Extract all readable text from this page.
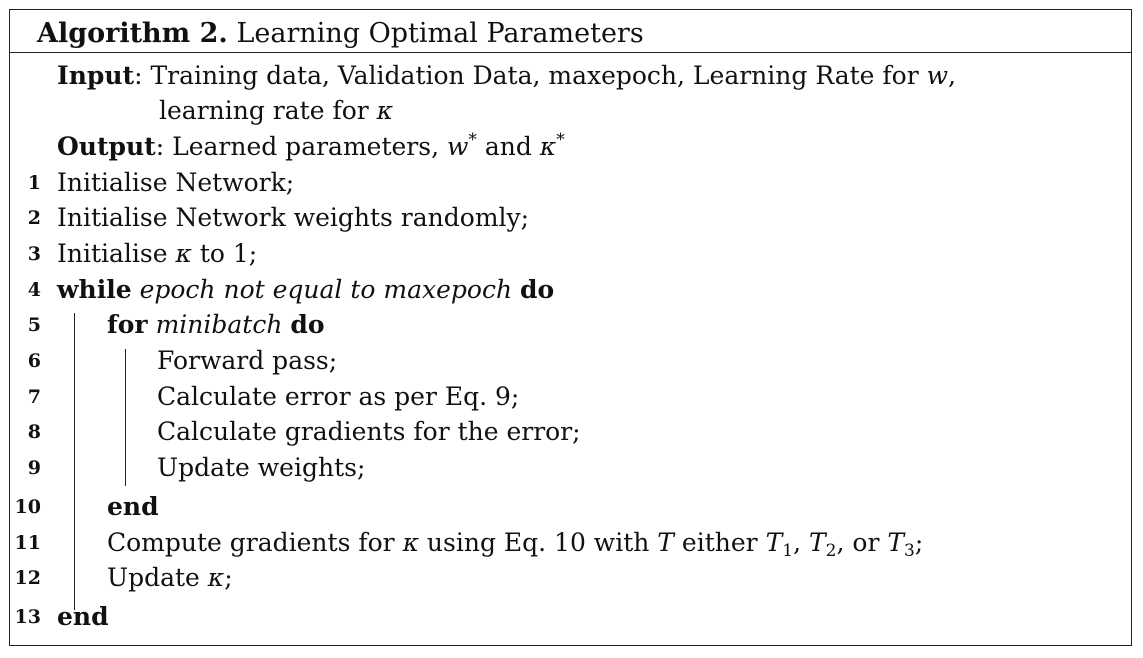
Algorithm 2. Learning Optimal Parameters
Input: Training data, Validation Data, maxepoch, Learning Rate for w,
learning rate for κ
Output: Learned parameters, w* and κ*
1 Initialise Network;
2 Initialise Network weights randomly;
3 Initialise κ to 1;
4 while epoch not equal to maxepoch do
5	for minibatch do
6	Forward pass;
7	Calculate error as per Eq. 9;
8	Calculate gradients for the error;
9	Update weights;
10	end
11	Compute gradients for κ using Eq. 10 with T either $T_1$, $T_2$, or $T_3$;
12	Update κ;
13 end
